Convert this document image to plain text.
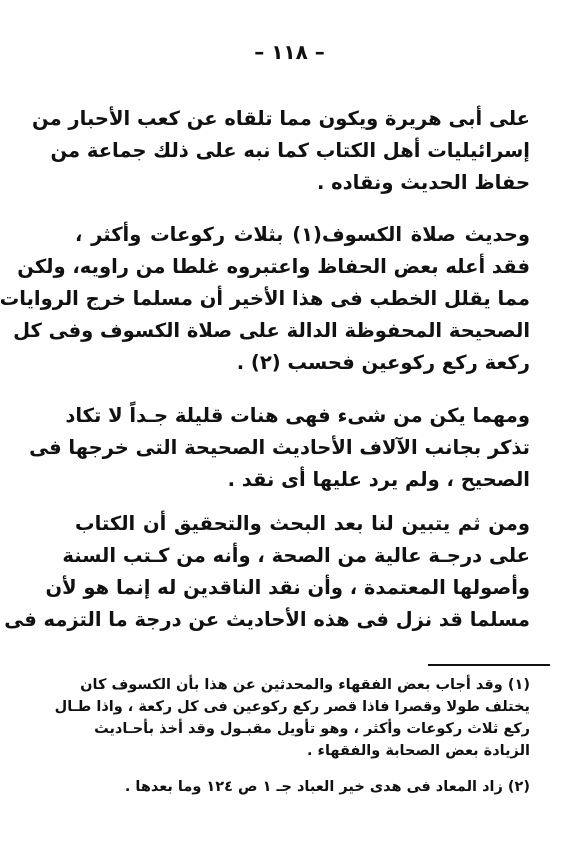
– ١١٨ –
على أبى هريرة ويكون مما تلقاه عن كعب الأحبار من
إسرائيليات أهل الكتاب كما نبه على ذلك جماعة من
حفاظ الحديث ونقاده .
وحديث صلاة الكسوف(١) بثلاث ركوعات وأكثر ،
فقد أعله بعض الحفاظ واعتبروه غلطا من راويه، ولكن
مما يقلل الخطب فى هذا الأخير أن مسلما خرج الروايات
الصحيحة المحفوظة الدالة على صلاة الكسوف وفى كل
ركعة ركع ركوعين فحسب (٢) .
ومهما يكن من شىء فهى هنات قليلة جـداً لا تكاد
تذكر بجانب الآلاف الأحاديث الصحيحة التى خرجها فى
الصحيح ، ولم يرد عليها أى نقد .
ومن ثم يتبين لنا بعد البحث والتحقيق أن الكتاب
على درجـة عالية من الصحة ، وأنه من كـتب السنة
وأصولها المعتمدة ، وأن نقد الناقدين له إنما هو لأن
مسلما قد نزل فى هذه الأحاديث عن درجة ما التزمه فى
(١) وقد أجاب بعض الفقهاء والمحدثين عن هذا بأن الكسوف كان
يختلف طولا وقصرا فاذا قصر ركع ركوعين فى كل ركعة ، واذا طـال
ركع ثلاث ركوعات وأكثر ، وهو تأويل مقبـول وقد أخذ بأحـاديث
الزيادة بعض الصحابة والفقهاء .
(٢) زاد المعاد فى هدى خير العباد جـ ١ ص ١٢٤ وما بعدها .
